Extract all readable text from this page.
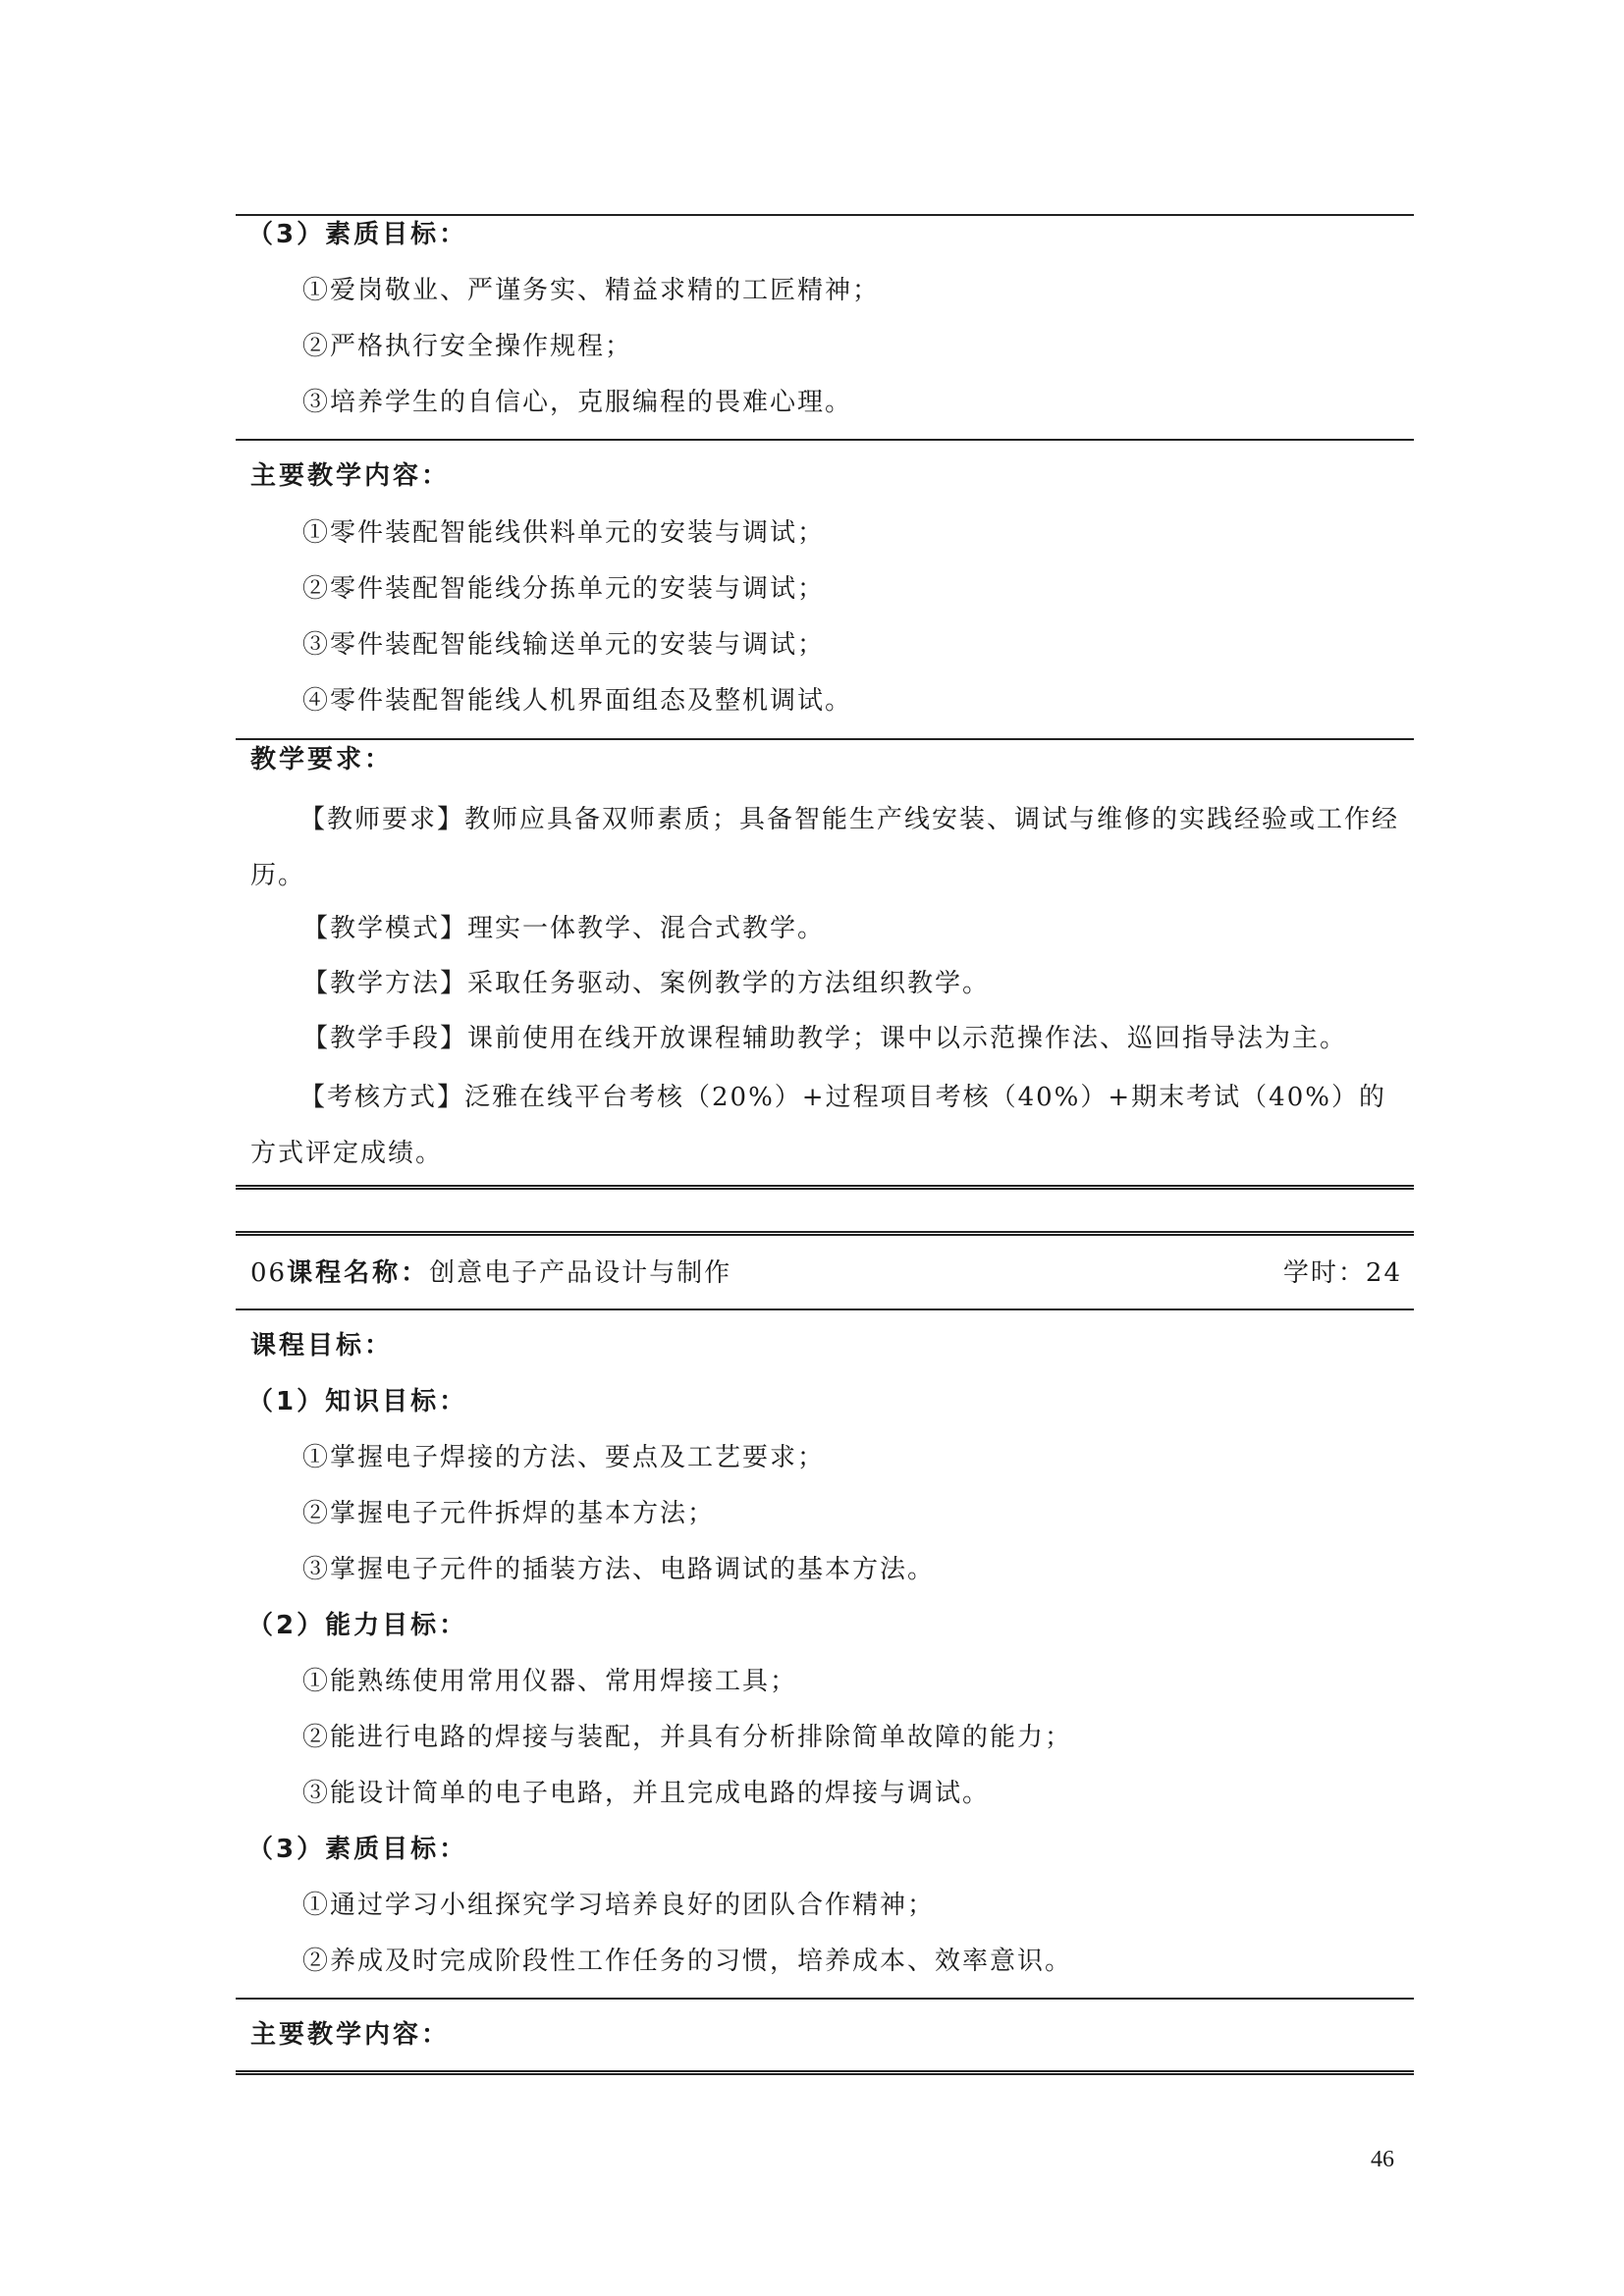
（3）素质目标：
①爱岗敬业、严谨务实、精益求精的工匠精神；
②严格执行安全操作规程；
③培养学生的自信心，克服编程的畏难心理。
主要教学内容：
①零件装配智能线供料单元的安装与调试；
②零件装配智能线分拣单元的安装与调试；
③零件装配智能线输送单元的安装与调试；
④零件装配智能线人机界面组态及整机调试。
教学要求：
【教师要求】教师应具备双师素质；具备智能生产线安装、调试与维修的实践经验或工作经历。
【教学模式】理实一体教学、混合式教学。
【教学方法】采取任务驱动、案例教学的方法组织教学。
【教学手段】课前使用在线开放课程辅助教学；课中以示范操作法、巡回指导法为主。
【考核方式】泛雅在线平台考核（20%）+过程项目考核（40%）+期末考试（40%）的方式评定成绩。
06课程名称：创意电子产品设计与制作	学时：24
课程目标：
（1）知识目标：
①掌握电子焊接的方法、要点及工艺要求；
②掌握电子元件拆焊的基本方法；
③掌握电子元件的插装方法、电路调试的基本方法。
（2）能力目标：
①能熟练使用常用仪器、常用焊接工具；
②能进行电路的焊接与装配，并具有分析排除简单故障的能力；
③能设计简单的电子电路，并且完成电路的焊接与调试。
（3）素质目标：
①通过学习小组探究学习培养良好的团队合作精神；
②养成及时完成阶段性工作任务的习惯，培养成本、效率意识。
主要教学内容：
46
